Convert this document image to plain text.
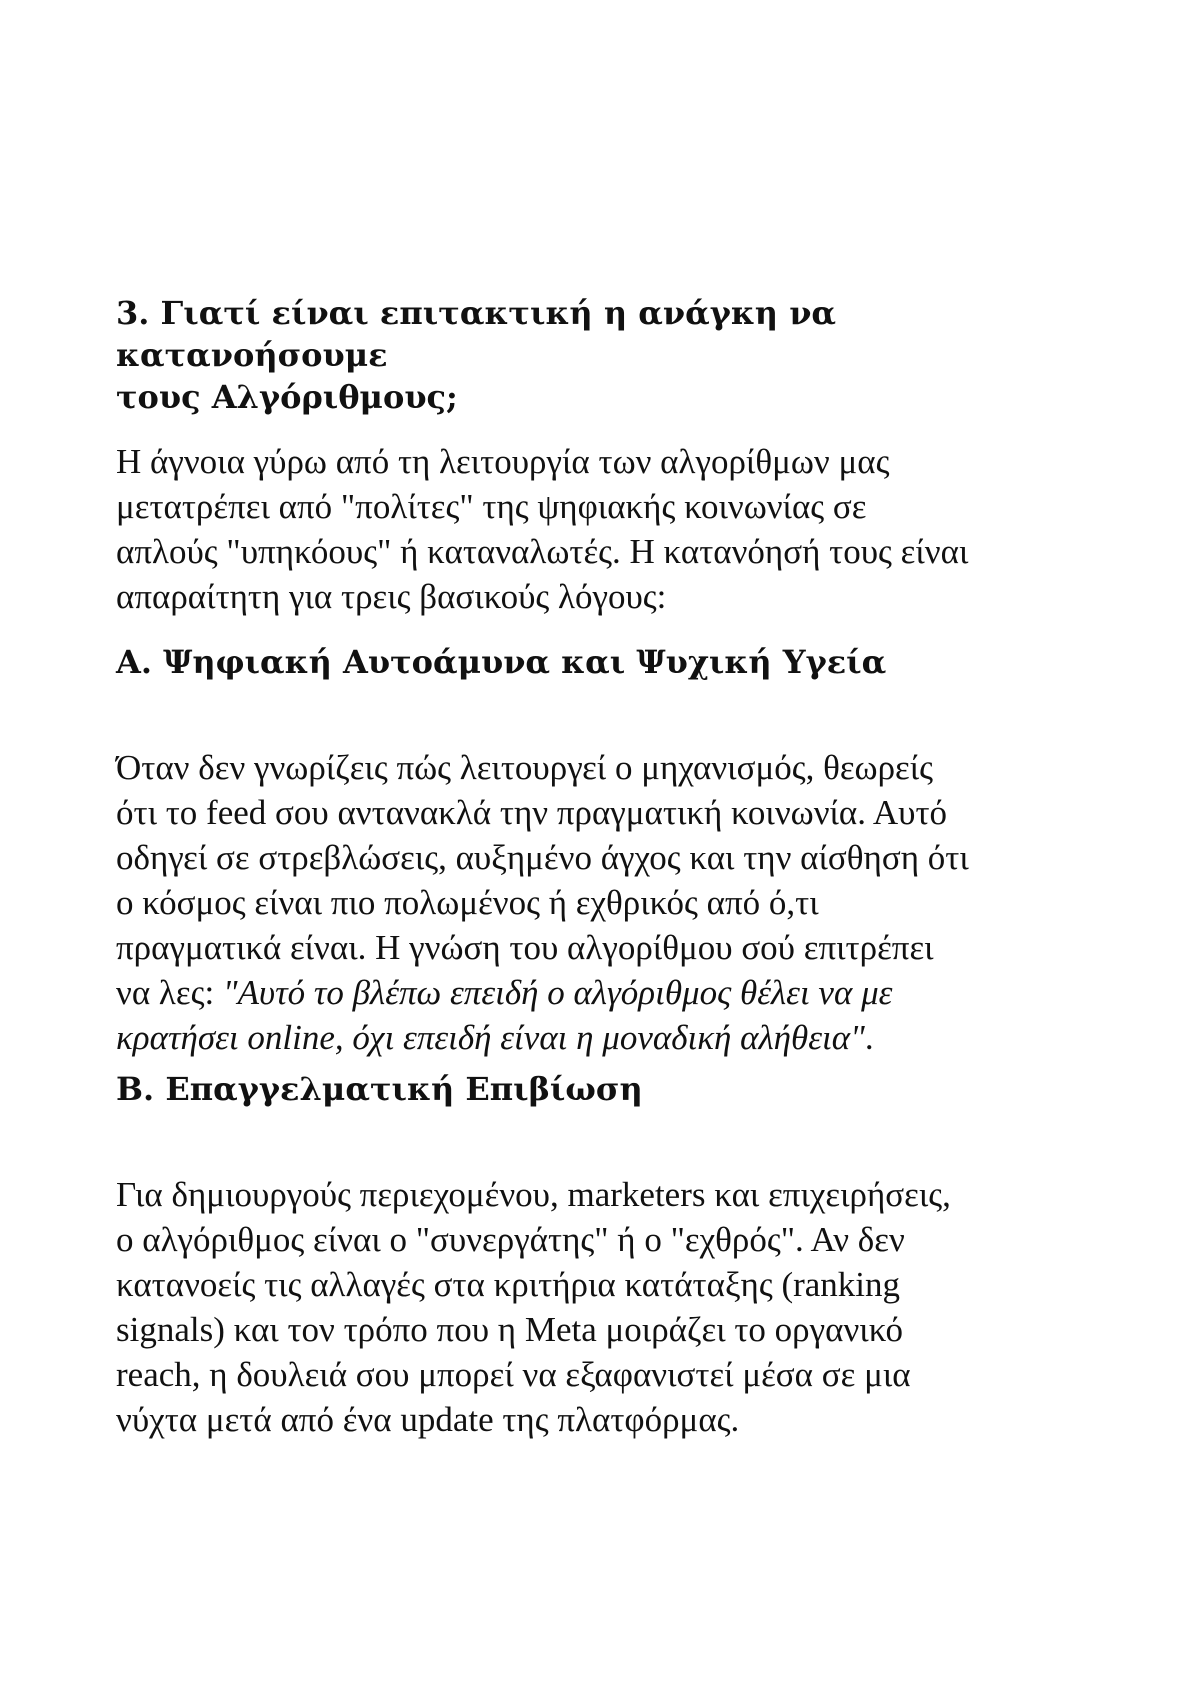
3. Γιατί είναι επιτακτική η ανάγκη να κατανοήσουμε
τους Αλγόριθμους;

Η άγνοια γύρω από τη λειτουργία των αλγορίθμων μας
μετατρέπει από "πολίτες" της ψηφιακής κοινωνίας σε
απλούς "υπηκόους" ή καταναλωτές. Η κατανόησή τους είναι
απαραίτητη για τρεις βασικούς λόγους:

Α. Ψηφιακή Αυτοάμυνα και Ψυχική Υγεία

Όταν δεν γνωρίζεις πώς λειτουργεί ο μηχανισμός, θεωρείς
ότι το feed σου αντανακλά την πραγματική κοινωνία. Αυτό
οδηγεί σε στρεβλώσεις, αυξημένο άγχος και την αίσθηση ότι
ο κόσμος είναι πιο πολωμένος ή εχθρικός από ό,τι
πραγματικά είναι. Η γνώση του αλγορίθμου σού επιτρέπει
να λες: "Αυτό το βλέπω επειδή ο αλγόριθμος θέλει να με
κρατήσει online, όχι επειδή είναι η μοναδική αλήθεια".

Β. Επαγγελματική Επιβίωση

Για δημιουργούς περιεχομένου, marketers και επιχειρήσεις,
ο αλγόριθμος είναι ο "συνεργάτης" ή ο "εχθρός". Αν δεν
κατανοείς τις αλλαγές στα κριτήρια κατάταξης (ranking
signals) και τον τρόπο που η Meta μοιράζει το οργανικό
reach, η δουλειά σου μπορεί να εξαφανιστεί μέσα σε μια
νύχτα μετά από ένα update της πλατφόρμας.
